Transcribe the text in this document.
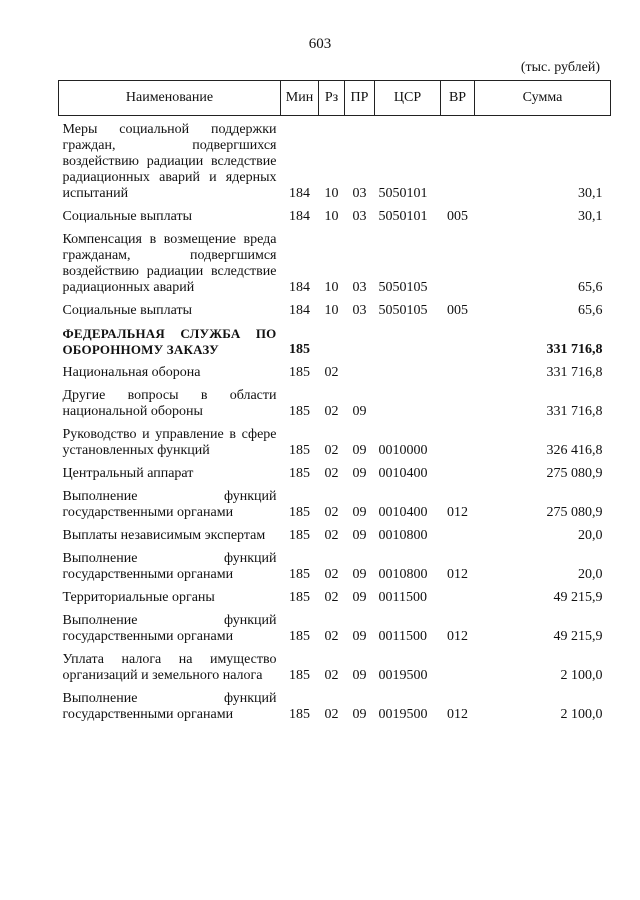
603
(тыс. рублей)
Наименование	Мин	Рз	ПР	ЦСР	ВР	Сумма
Меры социальной поддержки граждан, подвергшихся воздействию радиации вследствие радиационных аварий и ядерных испытаний	184	10	03	5050101		30,1
Социальные выплаты	184	10	03	5050101	005	30,1
Компенсация в возмещение вреда гражданам, подвергшимся воздействию радиации вследствие радиационных аварий	184	10	03	5050105		65,6
Социальные выплаты	184	10	03	5050105	005	65,6
ФЕДЕРАЛЬНАЯ СЛУЖБА ПО ОБОРОННОМУ ЗАКАЗУ	185					331 716,8
Национальная оборона	185	02				331 716,8
Другие вопросы в области национальной обороны	185	02	09			331 716,8
Руководство и управление в сфере установленных функций	185	02	09	0010000		326 416,8
Центральный аппарат	185	02	09	0010400		275 080,9
Выполнение функций государственными органами	185	02	09	0010400	012	275 080,9
Выплаты независимым экспертам	185	02	09	0010800		20,0
Выполнение функций государственными органами	185	02	09	0010800	012	20,0
Территориальные органы	185	02	09	0011500		49 215,9
Выполнение функций государственными органами	185	02	09	0011500	012	49 215,9
Уплата налога на имущество организаций и земельного налога	185	02	09	0019500		2 100,0
Выполнение функций государственными органами	185	02	09	0019500	012	2 100,0
